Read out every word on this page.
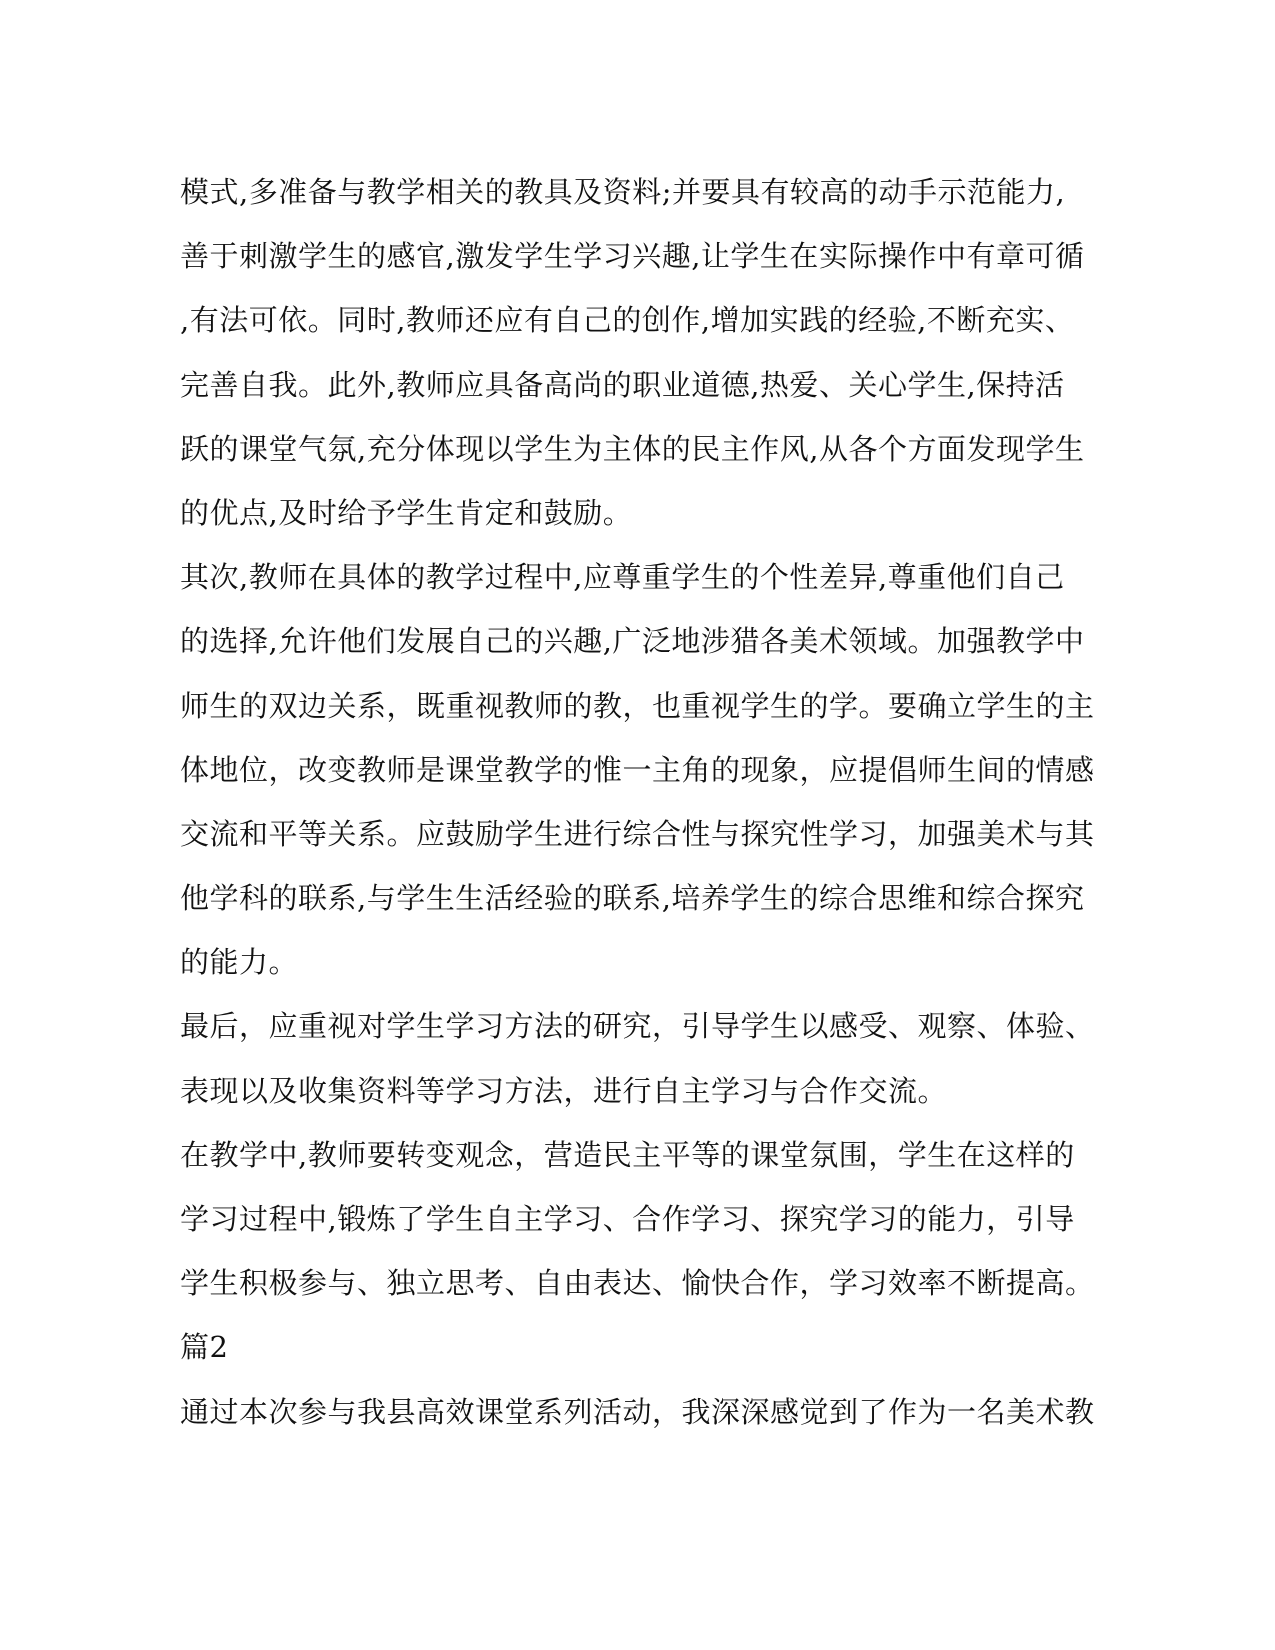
模式,多准备与教学相关的教具及资料;并要具有较高的动手示范能力,
善于刺激学生的感官,激发学生学习兴趣,让学生在实际操作中有章可循
,有法可依。同时,教师还应有自己的创作,增加实践的经验,不断充实、
完善自我。此外,教师应具备高尚的职业道德,热爱、关心学生,保持活
跃的课堂气氛,充分体现以学生为主体的民主作风,从各个方面发现学生
的优点,及时给予学生肯定和鼓励。
其次,教师在具体的教学过程中,应尊重学生的个性差异,尊重他们自己
的选择,允许他们发展自己的兴趣,广泛地涉猎各美术领域。加强教学中
师生的双边关系，既重视教师的教，也重视学生的学。要确立学生的主
体地位，改变教师是课堂教学的惟一主角的现象，应提倡师生间的情感
交流和平等关系。应鼓励学生进行综合性与探究性学习，加强美术与其
他学科的联系,与学生生活经验的联系,培养学生的综合思维和综合探究
的能力。
最后，应重视对学生学习方法的研究，引导学生以感受、观察、体验、
表现以及收集资料等学习方法，进行自主学习与合作交流。
在教学中,教师要转变观念，营造民主平等的课堂氛围，学生在这样的
学习过程中,锻炼了学生自主学习、合作学习、探究学习的能力，引导
学生积极参与、独立思考、自由表达、愉快合作，学习效率不断提高。
篇2
通过本次参与我县高效课堂系列活动，我深深感觉到了作为一名美术教
